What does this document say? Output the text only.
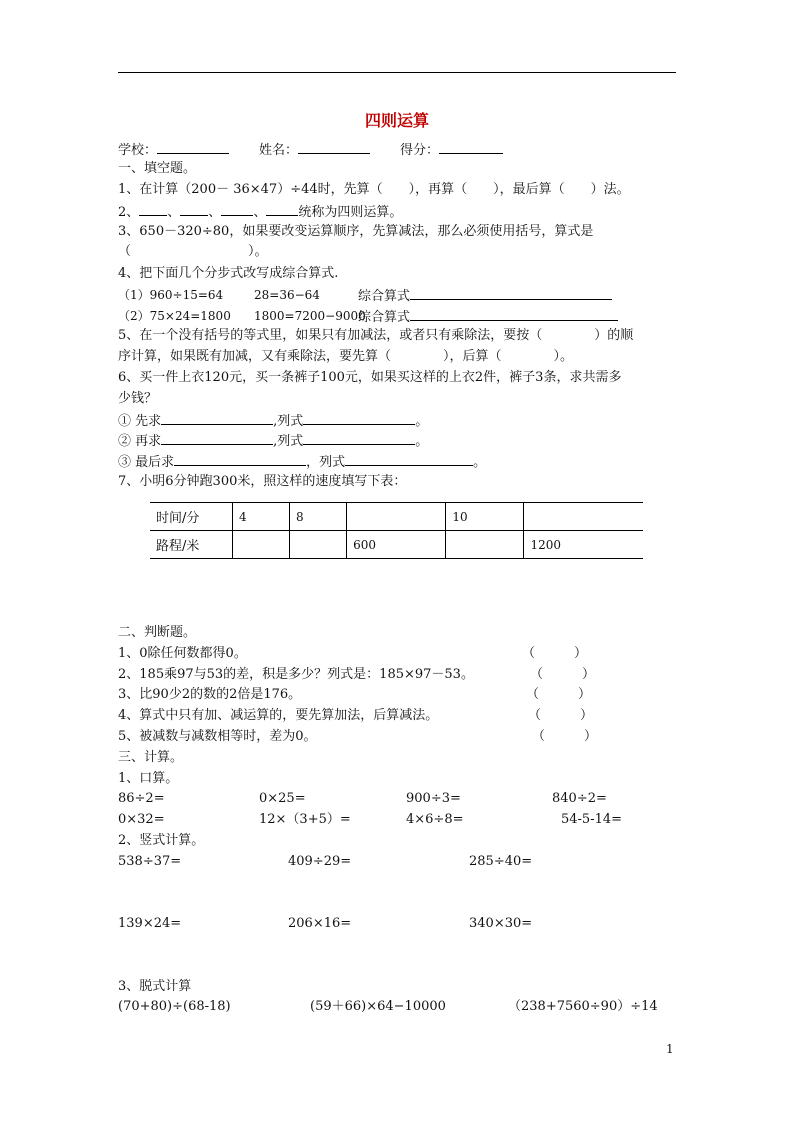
四则运算
学校：	姓名：	得分：
一、填空题。
1、在计算（200－ 36×47）÷44时，先算（　　），再算（　　），最后算（　　）法。
2、 、 、 、 统称为四则运算。
3、650－320÷80，如果要改变运算顺序，先算减法，那么必须使用括号，算式是
（　　　　　　　　　）。
4、把下面几个分步式改写成综合算式.
（1）960÷15=64	28=36−64	综合算式
（2）75×24=1800 1800=7200−9000
综合算式
5、在一个没有括号的等式里，如果只有加减法，或者只有乘除法，要按（　　　　）的顺
序计算，如果既有加减，又有乘除法，要先算（　　　　），后算（　　　　）。
6、买一件上衣120元，买一条裤子100元，如果买这样的上衣2件，裤子3条，求共需多
少钱？
① 先求	,列式	。
② 再求	,列式	。
③ 最后求	，列式	。
7、小明6分钟跑300米，照这样的速度填写下表：
时间/分	4	8		10	
路程/米			600		1200
二、判断题。
1、0除任何数都得0。	（　　　）
2、185乘97与53的差，积是多少？列式是：185×97－53。	（　　　）
3、比90少2的数的2倍是176。	（　　　）
4、算式中只有加、减运算的，要先算加法，后算减法。	（　　　）
5、被减数与减数相等时，差为0。	（　　　）
三、计算。
1、口算。
86÷2=	0×25=	900÷3=	840÷2=
0×32=	12×（3+5）=	4×6÷8=	54-5-14=
2、竖式计算。
538÷37=	409÷29=	285÷40=
139×24=	206×16=	340×30=
3、脱式计算
(70+80)÷(68-18)	(59＋66)×64−10000	（238+7560÷90）÷14
1
